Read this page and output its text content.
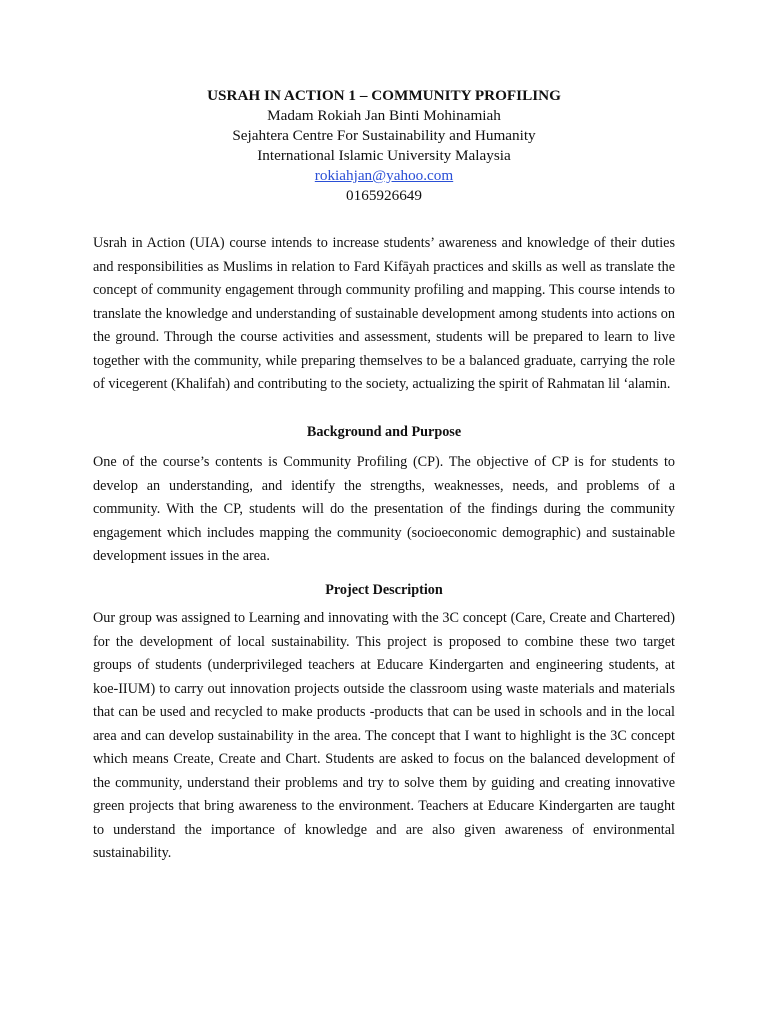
USRAH IN ACTION 1 – COMMUNITY PROFILING
Madam Rokiah Jan Binti Mohinamiah
Sejahtera Centre For Sustainability and Humanity
International Islamic University Malaysia
rokiahjan@yahoo.com
0165926649

Usrah in Action (UIA) course intends to increase students’ awareness and knowledge of their duties and responsibilities as Muslims in relation to Fard Kifāyah practices and skills as well as translate the concept of community engagement through community profiling and mapping. This course intends to translate the knowledge and understanding of sustainable development among students into actions on the ground. Through the course activities and assessment, students will be prepared to learn to live together with the community, while preparing themselves to be a balanced graduate, carrying the role of vicegerent (Khalifah) and contributing to the society, actualizing the spirit of Rahmatan lil ‘alamin.

Background and Purpose

One of the course’s contents is Community Profiling (CP). The objective of CP is for students to develop an understanding, and identify the strengths, weaknesses, needs, and problems of a community. With the CP, students will do the presentation of the findings during the community engagement which includes mapping the community (socioeconomic demographic) and sustainable development issues in the area.

Project Description

Our group was assigned to Learning and innovating with the 3C concept (Care, Create and Chartered) for the development of local sustainability. This project is proposed to combine these two target groups of students (underprivileged teachers at Educare Kindergarten and engineering students, at koe-IIUM) to carry out innovation projects outside the classroom using waste materials and materials that can be used and recycled to make products -products that can be used in schools and in the local area and can develop sustainability in the area. The concept that I want to highlight is the 3C concept which means Create, Create and Chart. Students are asked to focus on the balanced development of the community, understand their problems and try to solve them by guiding and creating innovative green projects that bring awareness to the environment. Teachers at Educare Kindergarten are taught to understand the importance of knowledge and are also given awareness of environmental sustainability.
